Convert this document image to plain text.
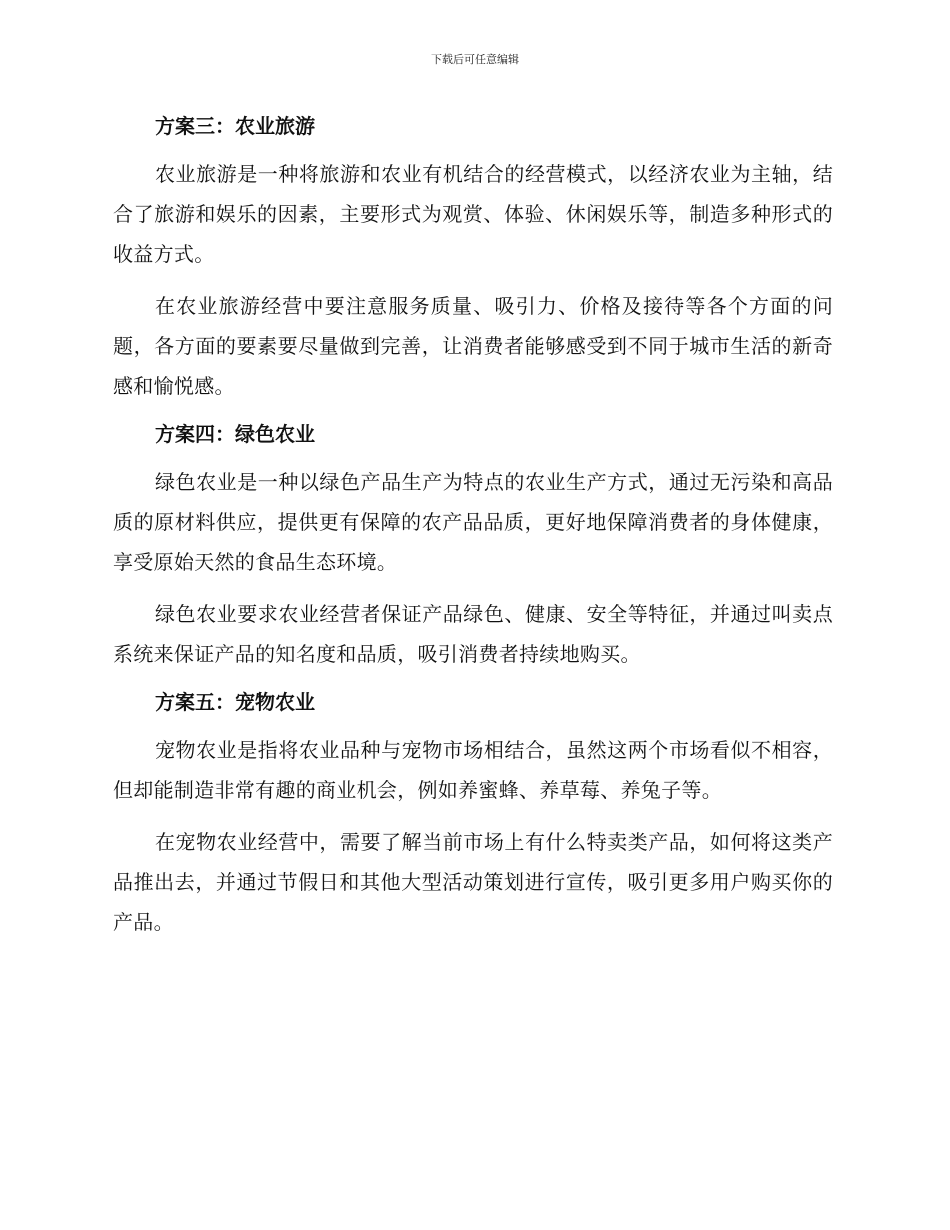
下载后可任意编辑
方案三：农业旅游

农业旅游是一种将旅游和农业有机结合的经营模式，以经济农业为主轴，结合了旅游和娱乐的因素，主要形式为观赏、体验、休闲娱乐等，制造多种形式的收益方式。

在农业旅游经营中要注意服务质量、吸引力、价格及接待等各个方面的问题，各方面的要素要尽量做到完善，让消费者能够感受到不同于城市生活的新奇感和愉悦感。

方案四：绿色农业

绿色农业是一种以绿色产品生产为特点的农业生产方式，通过无污染和高品质的原材料供应，提供更有保障的农产品品质，更好地保障消费者的身体健康，享受原始天然的食品生态环境。

绿色农业要求农业经营者保证产品绿色、健康、安全等特征，并通过叫卖点系统来保证产品的知名度和品质，吸引消费者持续地购买。

方案五：宠物农业

宠物农业是指将农业品种与宠物市场相结合，虽然这两个市场看似不相容，但却能制造非常有趣的商业机会，例如养蜜蜂、养草莓、养兔子等。

在宠物农业经营中，需要了解当前市场上有什么特卖类产品，如何将这类产品推出去，并通过节假日和其他大型活动策划进行宣传，吸引更多用户购买你的产品。
